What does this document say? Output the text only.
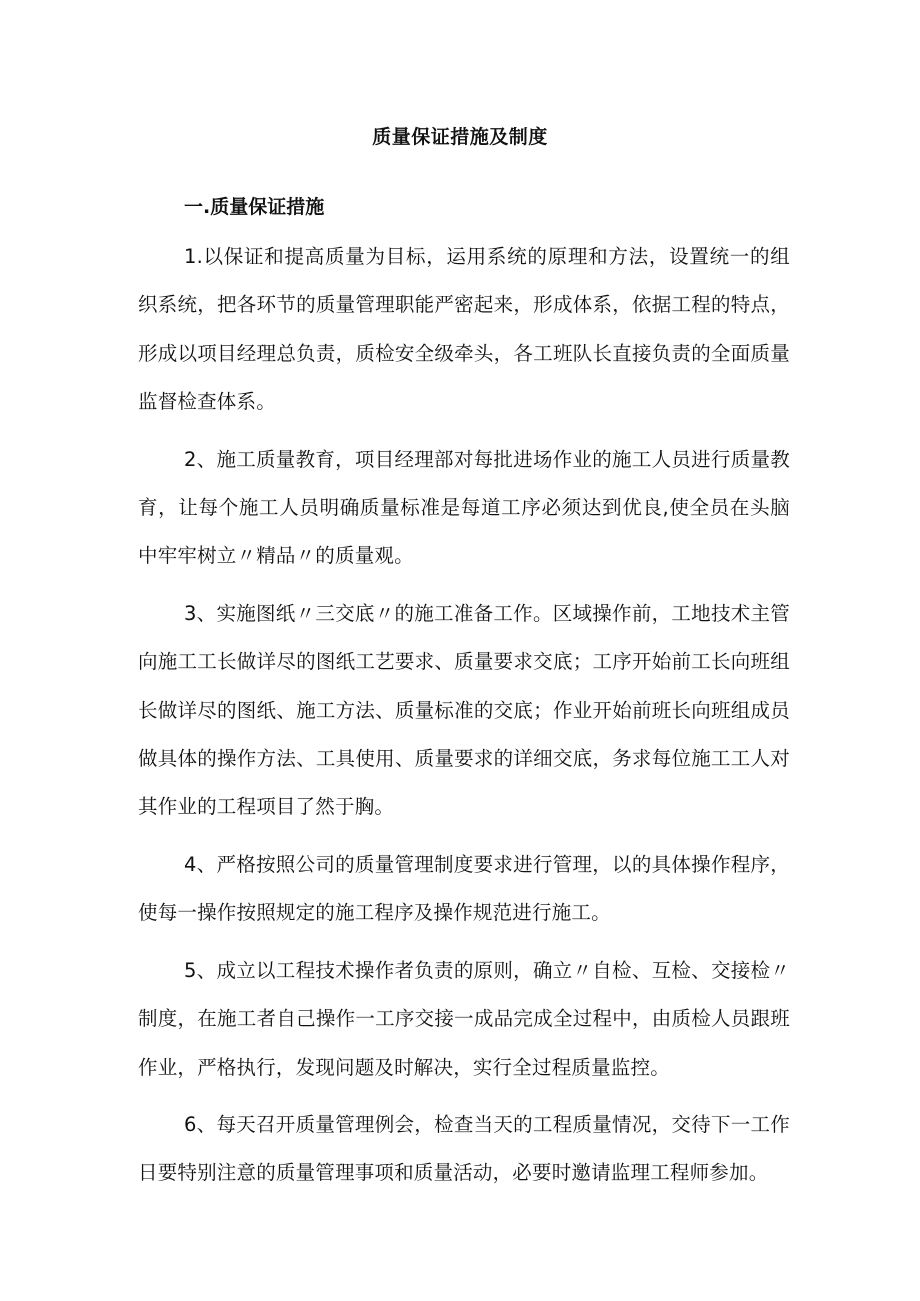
质量保证措施及制度
一.质量保证措施

1.以保证和提高质量为目标，运用系统的原理和方法，设置统一的组织系统，把各环节的质量管理职能严密起来，形成体系，依据工程的特点，形成以项目经理总负责，质检安全级牵头，各工班队长直接负责的全面质量监督检查体系。

2、施工质量教育，项目经理部对每批进场作业的施工人员进行质量教育，让每个施工人员明确质量标准是每道工序必须达到优良,使全员在头脑中牢牢树立〃精品〃的质量观。

3、实施图纸〃三交底〃的施工准备工作。区域操作前，工地技术主管向施工工长做详尽的图纸工艺要求、质量要求交底；工序开始前工长向班组长做详尽的图纸、施工方法、质量标准的交底；作业开始前班长向班组成员做具体的操作方法、工具使用、质量要求的详细交底，务求每位施工工人对其作业的工程项目了然于胸。

4、严格按照公司的质量管理制度要求进行管理，以的具体操作程序，使每一操作按照规定的施工程序及操作规范进行施工。

5、成立以工程技术操作者负责的原则，确立〃自检、互检、交接检〃制度，在施工者自己操作一工序交接一成品完成全过程中，由质检人员跟班作业，严格执行，发现问题及时解决，实行全过程质量监控。

6、每天召开质量管理例会，检查当天的工程质量情况，交待下一工作日要特别注意的质量管理事项和质量活动，必要时邀请监理工程师参加。
